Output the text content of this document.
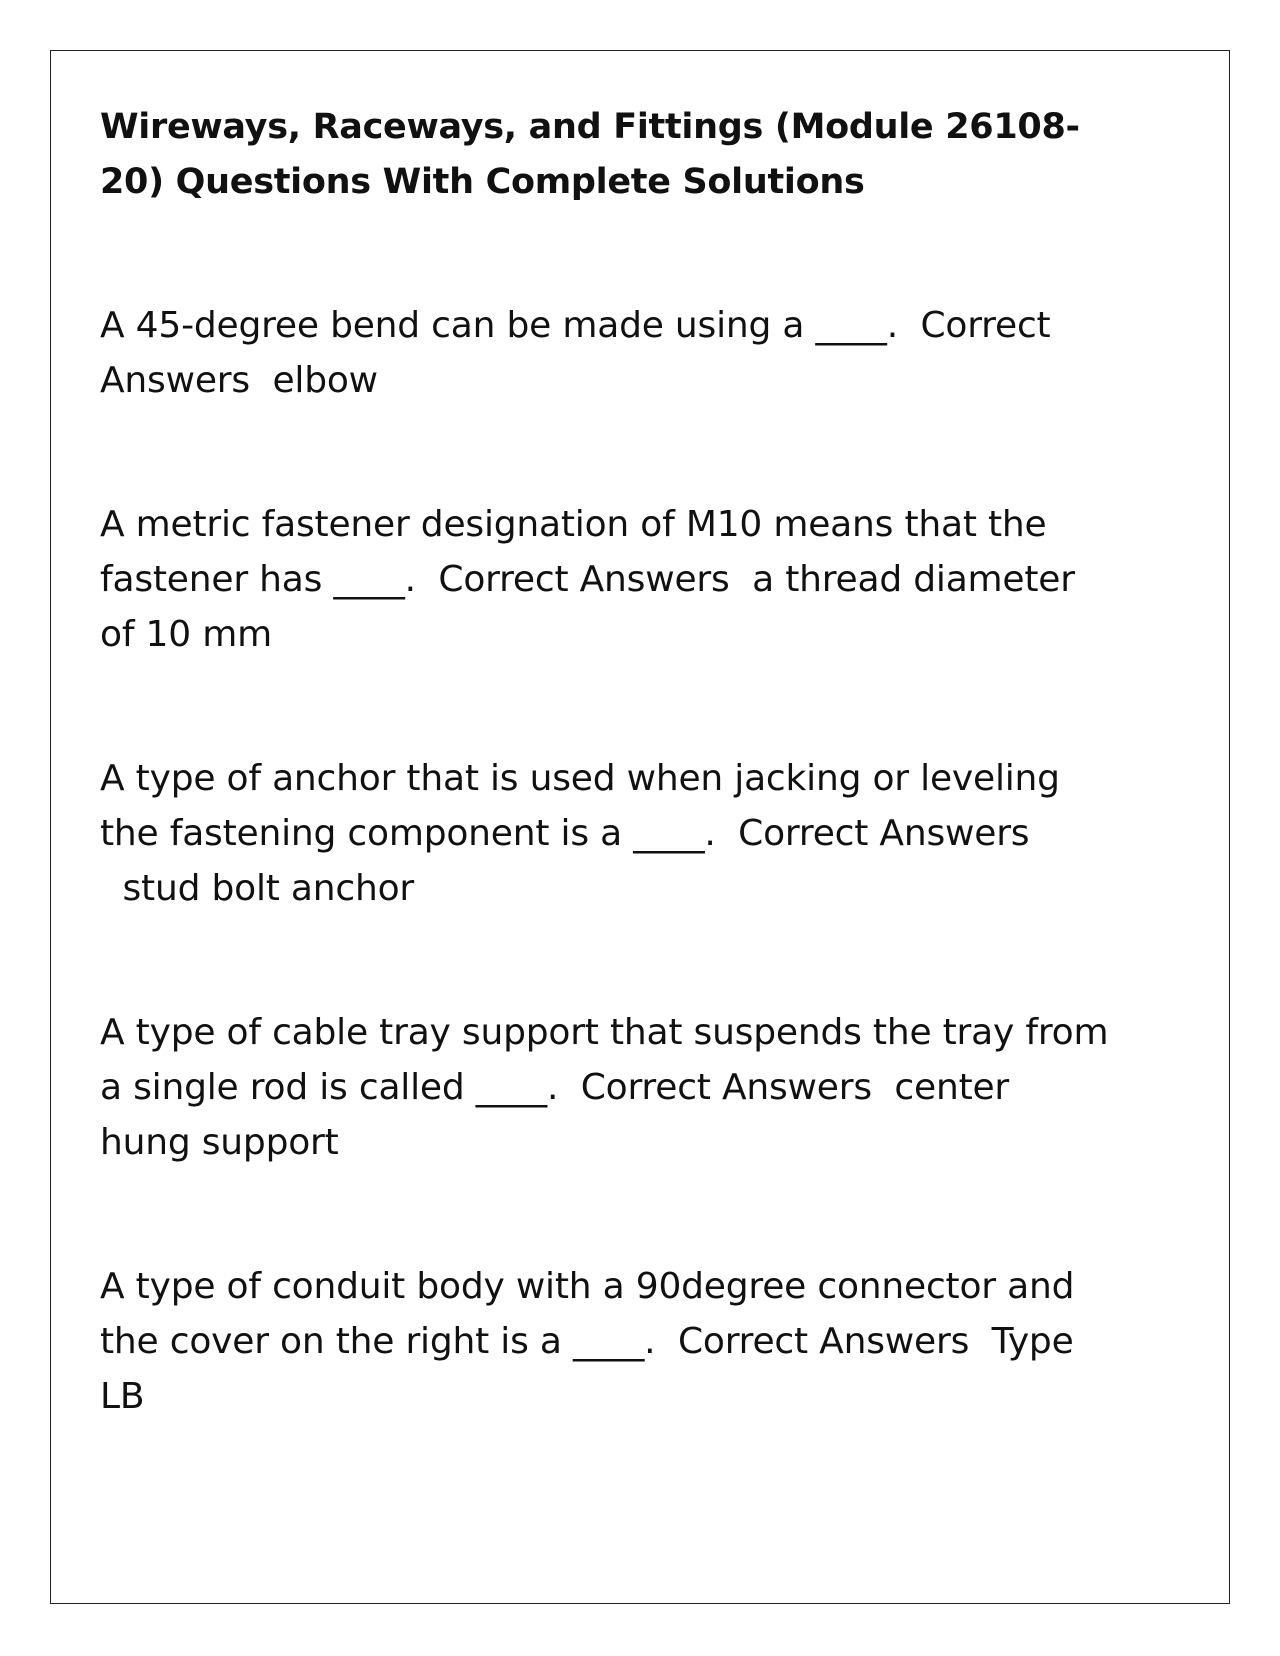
Wireways, Raceways, and Fittings (Module 26108-20) Questions With Complete Solutions

A 45-degree bend can be made using a ____. Correct Answers elbow

A metric fastener designation of M10 means that the fastener has ____. Correct Answers a thread diameter of 10 mm

A type of anchor that is used when jacking or leveling the fastening component is a ____. Correct Answers  stud bolt anchor

A type of cable tray support that suspends the tray from a single rod is called ____. Correct Answers center hung support

A type of conduit body with a 90degree connector and the cover on the right is a ____. Correct Answers Type LB
